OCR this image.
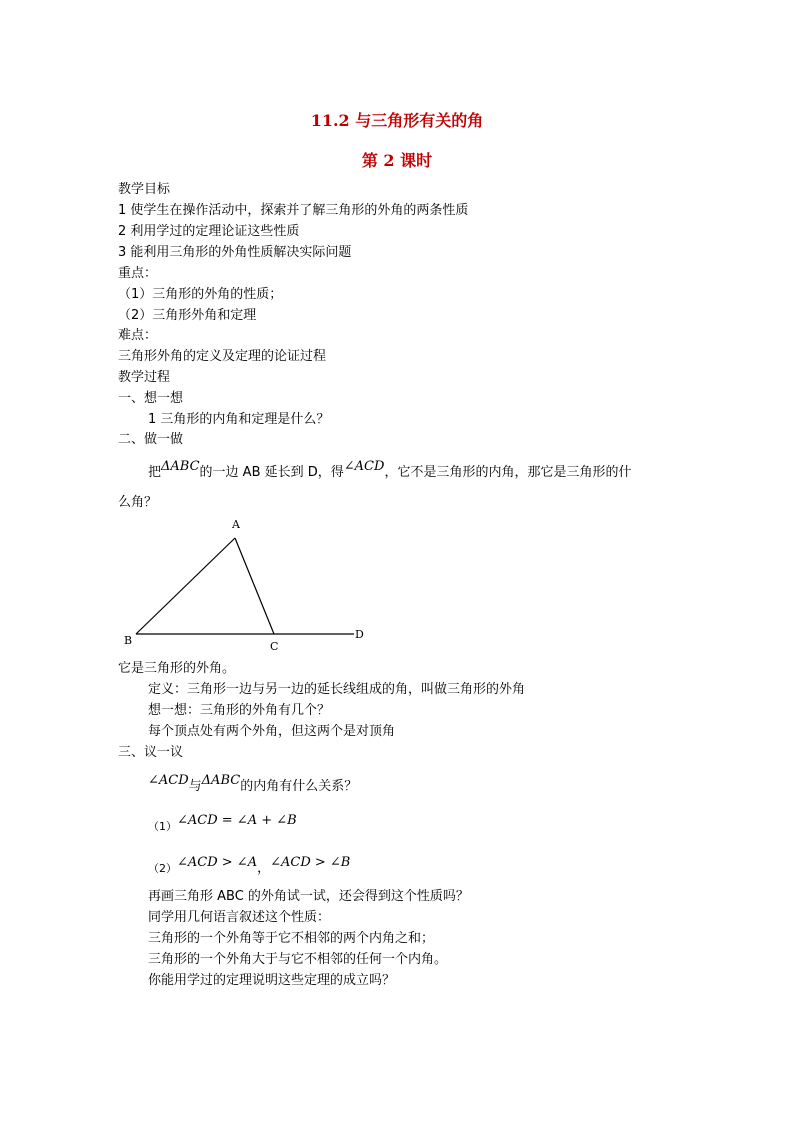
11.2 与三角形有关的角
第 2 课时
教学目标
1 使学生在操作活动中，探索并了解三角形的外角的两条性质
2 利用学过的定理论证这些性质
3 能利用三角形的外角性质解决实际问题
重点：
（1）三角形的外角的性质；
（2）三角形外角和定理
难点：
三角形外角的定义及定理的论证过程
教学过程
一、想一想
1 三角形的内角和定理是什么？
二、做一做
把ΔABC的一边 AB 延长到 D，得∠ACD，它不是三角形的内角，那它是三角形的什
么角？
A
B	C
D
它是三角形的外角。
定义：三角形一边与另一边的延长线组成的角，叫做三角形的外角
想一想：三角形的外角有几个？
每个顶点处有两个外角，但这两个是对顶角
三、议一议
∠ACD与ΔABC的内角有什么关系？
（1）∠ACD = ∠A + ∠B
（2）∠ACD > ∠A，∠ACD > ∠B
再画三角形 ABC 的外角试一试，还会得到这个性质吗？
同学用几何语言叙述这个性质：
三角形的一个外角等于它不相邻的两个内角之和；
三角形的一个外角大于与它不相邻的任何一个内角。
你能用学过的定理说明这些定理的成立吗？
